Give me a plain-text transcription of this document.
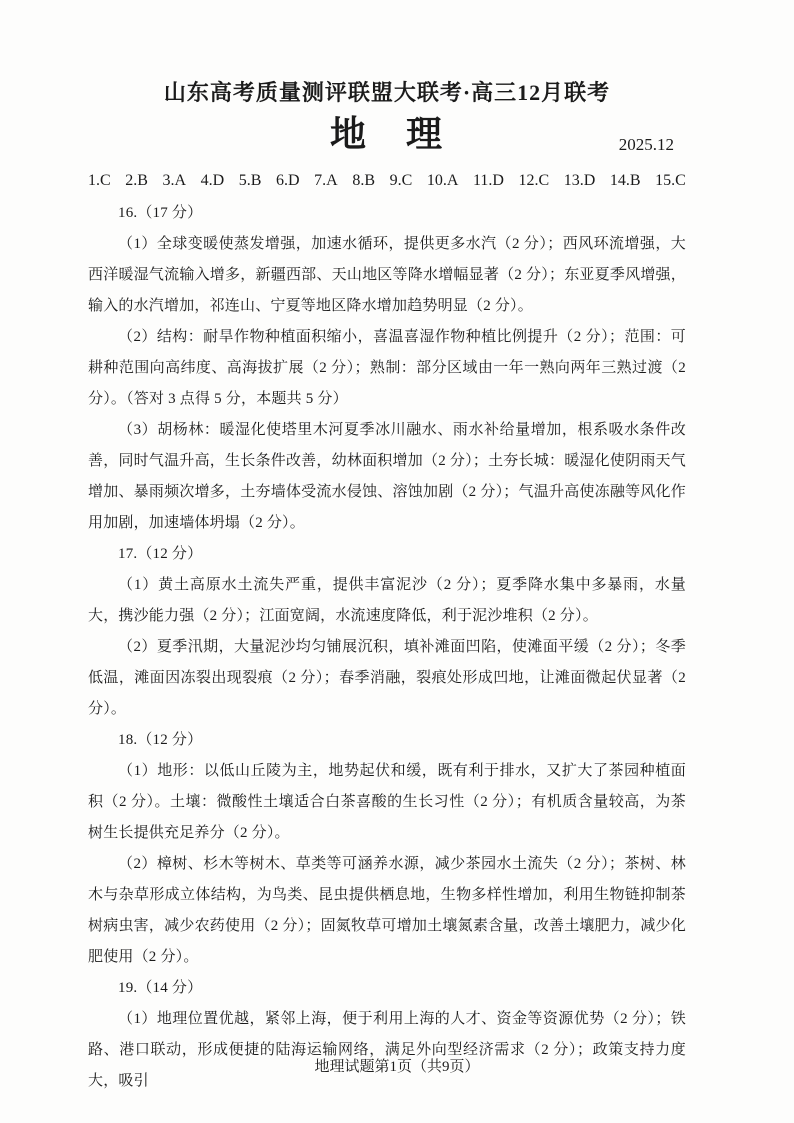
山东高考质量测评联盟大联考·高三12月联考
地　理	2025.12
1.C 2.B 3.A 4.D 5.B 6.D 7.A 8.B 9.C 10.A 11.D 12.C 13.D 14.B 15.C

16.（17 分）

（1）全球变暖使蒸发增强，加速水循环，提供更多水汽（2 分）；西风环流增强，大西洋暖湿气流输入增多，新疆西部、天山地区等降水增幅显著（2 分）；东亚夏季风增强，输入的水汽增加，祁连山、宁夏等地区降水增加趋势明显（2 分）。

（2）结构：耐旱作物种植面积缩小，喜温喜湿作物种植比例提升（2 分）；范围：可耕种范围向高纬度、高海拔扩展（2 分）；熟制：部分区域由一年一熟向两年三熟过渡（2 分）。（答对 3 点得 5 分，本题共 5 分）

（3）胡杨林：暖湿化使塔里木河夏季冰川融水、雨水补给量增加，根系吸水条件改善，同时气温升高，生长条件改善，幼林面积增加（2 分）；土夯长城：暖湿化使阴雨天气增加、暴雨频次增多，土夯墙体受流水侵蚀、溶蚀加剧（2 分）；气温升高使冻融等风化作用加剧，加速墙体坍塌（2 分）。

17.（12 分）

（1）黄土高原水土流失严重，提供丰富泥沙（2 分）；夏季降水集中多暴雨，水量大，携沙能力强（2 分）；江面宽阔，水流速度降低，利于泥沙堆积（2 分）。

（2）夏季汛期，大量泥沙均匀铺展沉积，填补滩面凹陷，使滩面平缓（2 分）；冬季低温，滩面因冻裂出现裂痕（2 分）；春季消融，裂痕处形成凹地，让滩面微起伏显著（2 分）。

18.（12 分）

（1）地形：以低山丘陵为主，地势起伏和缓，既有利于排水，又扩大了茶园种植面积（2 分）。土壤：微酸性土壤适合白茶喜酸的生长习性（2 分）；有机质含量较高，为茶树生长提供充足养分（2 分）。

（2）樟树、杉木等树木、草类等可涵养水源，减少茶园水土流失（2 分）；茶树、林木与杂草形成立体结构，为鸟类、昆虫提供栖息地，生物多样性增加，利用生物链抑制茶树病虫害，减少农药使用（2 分）；固氮牧草可增加土壤氮素含量，改善土壤肥力，减少化肥使用（2 分）。

19.（14 分）

（1）地理位置优越，紧邻上海，便于利用上海的人才、资金等资源优势（2 分）；铁路、港口联动，形成便捷的陆海运输网络，满足外向型经济需求（2 分）；政策支持力度大，吸引

地理试题第1页（共9页）
